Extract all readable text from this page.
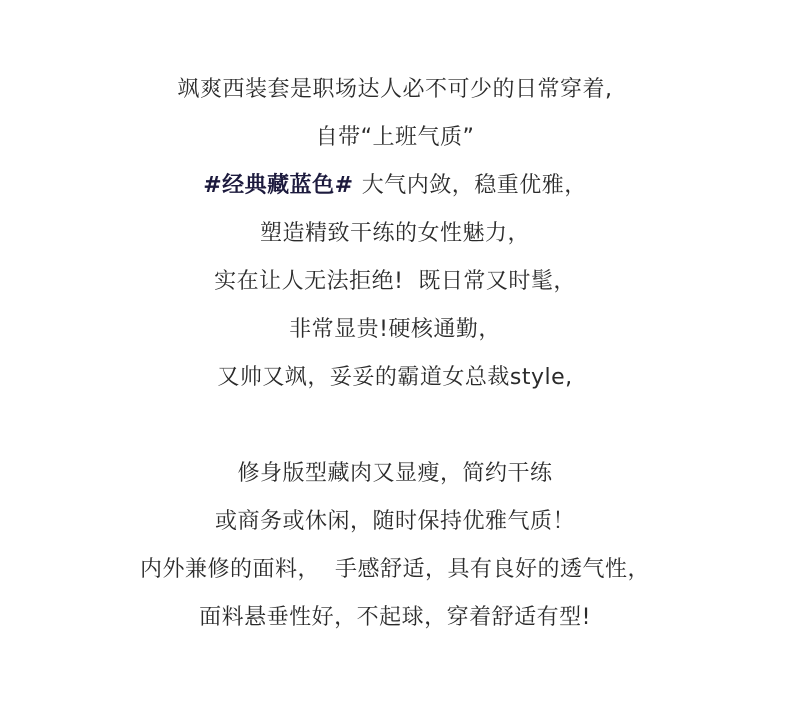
飒爽西装套是职场达人必不可少的日常穿着,
自带“上班气质”
#经典藏蓝色# 大气内敛，稳重优雅，
塑造精致干练的女性魅力，
实在让人无法拒绝!  既日常又时髦，
非常显贵!硬核通勤，
又帅又飒，妥妥的霸道女总裁style,
修身版型藏肉又显瘦，简约干练
或商务或休闲，随时保持优雅气质！
内外兼修的面料，  手感舒适，具有良好的透气性，
面料悬垂性好，不起球，穿着舒适有型!
